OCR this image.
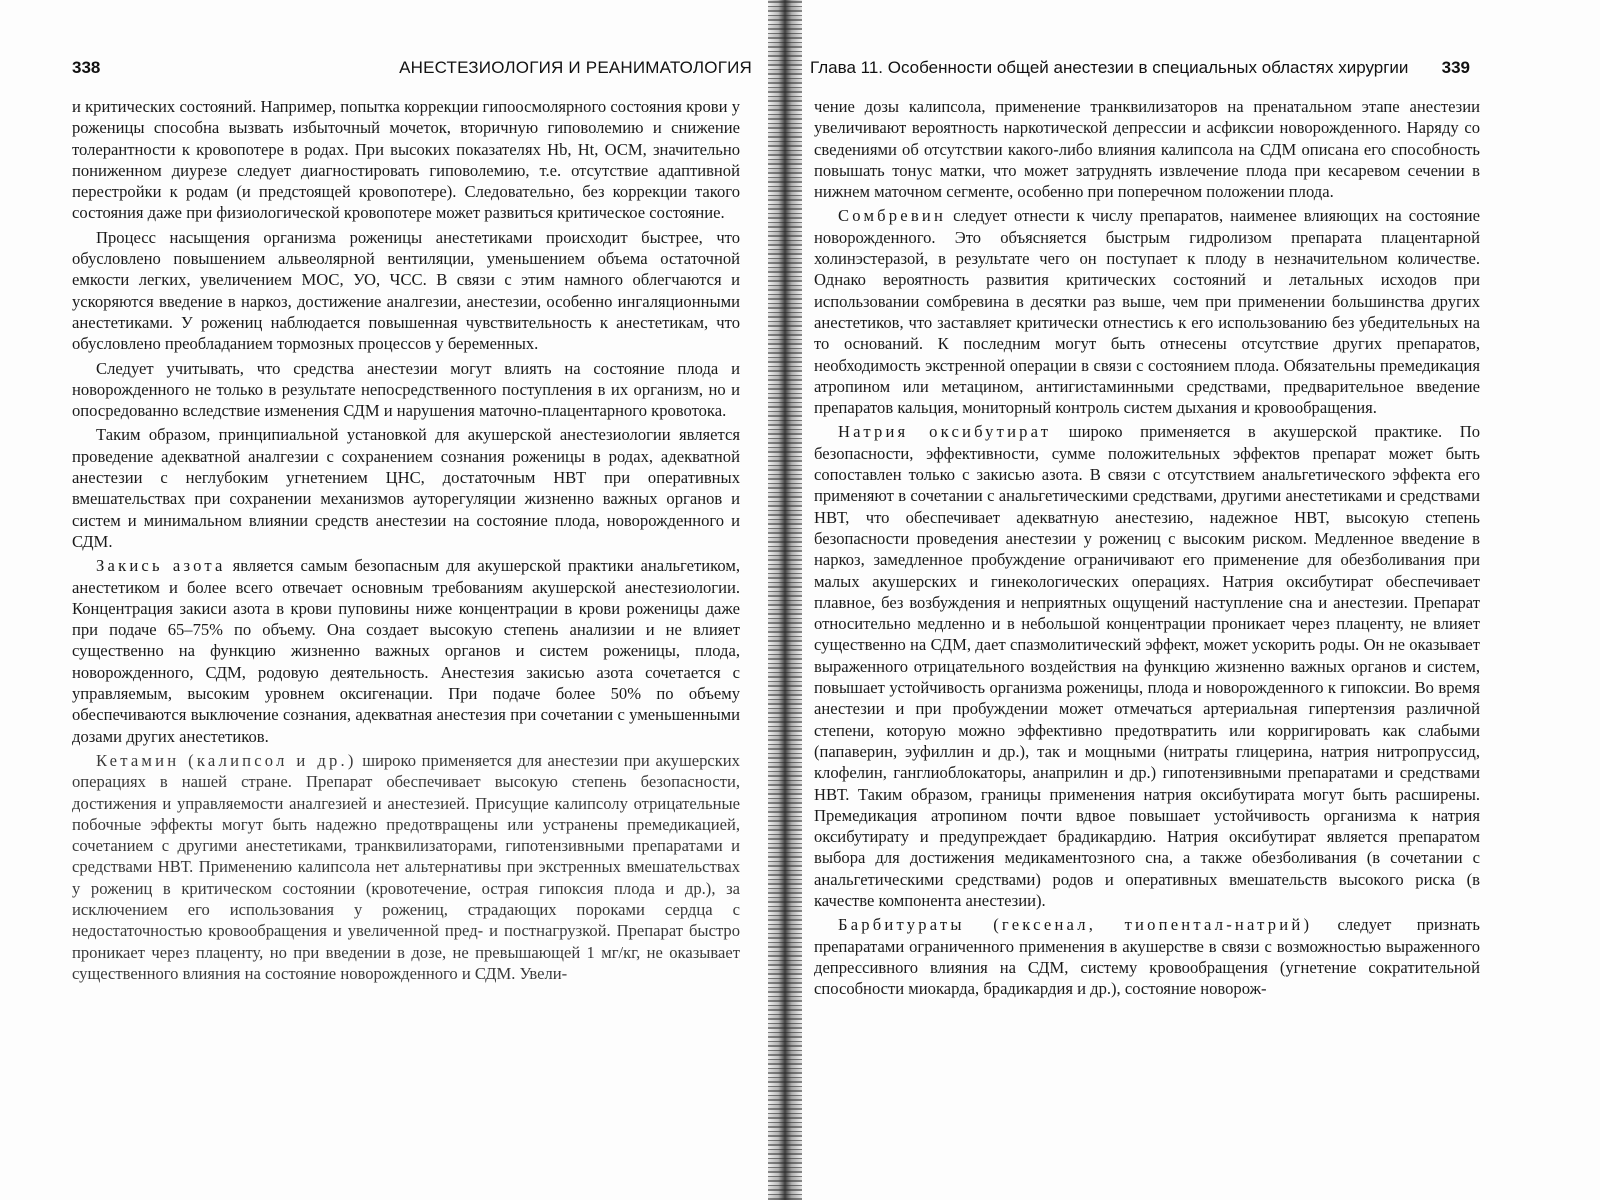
338	АНЕСТЕЗИОЛОГИЯ И РЕАНИМАТОЛОГИЯ

и критических состояний. Например, попытка коррекции гипоосмолярного состояния крови у роженицы способна вызвать избыточный мочеток, вторичную гиповолемию и снижение толерантности к кровопотере в родах. При высоких показателях Hb, Ht, ОСМ, значительно пониженном диурезе следует диагностировать гиповолемию, т.е. отсутствие адаптивной перестройки к родам (и предстоящей кровопотере). Следовательно, без коррекции такого состояния даже при физиологической кровопотере может развиться критическое состояние.

Процесс насыщения организма роженицы анестетиками происходит быстрее, что обусловлено повышением альвеолярной вентиляции, уменьшением объема остаточной емкости легких, увеличением МОС, УО, ЧСС. В связи с этим намного облегчаются и ускоряются введение в наркоз, достижение аналгезии, анестезии, особенно ингаляционными анестетиками. У рожениц наблюдается повышенная чувствительность к анестетикам, что обусловлено преобладанием тормозных процессов у беременных.

Следует учитывать, что средства анестезии могут влиять на состояние плода и новорожденного не только в результате непосредственного поступления в их организм, но и опосредованно вследствие изменения СДМ и нарушения маточно-плацентарного кровотока.

Таким образом, принципиальной установкой для акушерской анестезиологии является проведение адекватной аналгезии с сохранением сознания роженицы в родах, адекватной анестезии с неглубоким угнетением ЦНС, достаточным НВТ при оперативных вмешательствах при сохранении механизмов ауторегуляции жизненно важных органов и систем и минимальном влиянии средств анестезии на состояние плода, новорожденного и СДМ.

Закись азота является самым безопасным для акушерской практики анальгетиком, анестетиком и более всего отвечает основным требованиям акушерской анестезиологии. Концентрация закиси азота в крови пуповины ниже концентрации в крови роженицы даже при подаче 65–75% по объему. Она создает высокую степень анализии и не влияет существенно на функцию жизненно важных органов и систем роженицы, плода, новорожденного, СДМ, родовую деятельность. Анестезия закисью азота сочетается с управляемым, высоким уровнем оксигенации. При подаче более 50% по объему обеспечиваются выключение сознания, адекватная анестезия при сочетании с уменьшенными дозами других анестетиков.

Кетамин (калипсол и др.) широко применяется для анестезии при акушерских операциях в нашей стране. Препарат обеспечивает высокую степень безопасности, достижения и управляемости аналгезией и анестезией. Присущие калипсолу отрицательные побочные эффекты могут быть надежно предотвращены или устранены премедикацией, сочетанием с другими анестетиками, транквилизаторами, гипотензивными препаратами и средствами НВТ. Применению калипсола нет альтернативы при экстренных вмешательствах у рожениц в критическом состоянии (кровотечение, острая гипоксия плода и др.), за исключением его использования у рожениц, страдающих пороками сердца с недостаточностью кровообращения и увеличенной пред- и постнагрузкой. Препарат быстро проникает через плаценту, но при введении в дозе, не превышающей 1 мг/кг, не оказывает существенного влияния на состояние новорожденного и СДМ. Увели-

Глава 11. Особенности общей анестезии в специальных областях хирургии 339

чение дозы калипсола, применение транквилизаторов на пренатальном этапе анестезии увеличивают вероятность наркотической депрессии и асфиксии новорожденного. Наряду со сведениями об отсутствии какого-либо влияния калипсола на СДМ описана его способность повышать тонус матки, что может затруднять извлечение плода при кесаревом сечении в нижнем маточном сегменте, особенно при поперечном положении плода.

Сомбревин следует отнести к числу препаратов, наименее влияющих на состояние новорожденного. Это объясняется быстрым гидролизом препарата плацентарной холинэстеразой, в результате чего он поступает к плоду в незначительном количестве. Однако вероятность развития критических состояний и летальных исходов при использовании сомбревина в десятки раз выше, чем при применении большинства других анестетиков, что заставляет критически отнестись к его использованию без убедительных на то оснований. К последним могут быть отнесены отсутствие других препаратов, необходимость экстренной операции в связи с состоянием плода. Обязательны премедикация атропином или метацином, антигистаминными средствами, предварительное введение препаратов кальция, мониторный контроль систем дыхания и кровообращения.

Натрия оксибутират широко применяется в акушерской практике. По безопасности, эффективности, сумме положительных эффектов препарат может быть сопоставлен только с закисью азота. В связи с отсутствием анальгетического эффекта его применяют в сочетании с анальгетическими средствами, другими анестетиками и средствами НВТ, что обеспечивает адекватную анестезию, надежное НВТ, высокую степень безопасности проведения анестезии у рожениц с высоким риском. Медленное введение в наркоз, замедленное пробуждение ограничивают его применение для обезболивания при малых акушерских и гинекологических операциях. Натрия оксибутират обеспечивает плавное, без возбуждения и неприятных ощущений наступление сна и анестезии. Препарат относительно медленно и в небольшой концентрации проникает через плаценту, не влияет существенно на СДМ, дает спазмолитический эффект, может ускорить роды. Он не оказывает выраженного отрицательного воздействия на функцию жизненно важных органов и систем, повышает устойчивость организма роженицы, плода и новорожденного к гипоксии. Во время анестезии и при пробуждении может отмечаться артериальная гипертензия различной степени, которую можно эффективно предотвратить или корригировать как слабыми (папаверин, эуфиллин и др.), так и мощными (нитраты глицерина, натрия нитропруссид, клофелин, ганглиоблокаторы, анаприлин и др.) гипотензивными препаратами и средствами НВТ. Таким образом, границы применения натрия оксибутирата могут быть расширены. Премедикация атропином почти вдвое повышает устойчивость организма к натрия оксибутирату и предупреждает брадикардию. Натрия оксибутират является препаратом выбора для достижения медикаментозного сна, а также обезболивания (в сочетании с анальгетическими средствами) родов и оперативных вмешательств высокого риска (в качестве компонента анестезии).

Барбитураты (гексенал, тиопентал-натрий) следует признать препаратами ограниченного применения в акушерстве в связи с возможностью выраженного депрессивного влияния на СДМ, систему кровообращения (угнетение сократительной способности миокарда, брадикардия и др.), состояние новорож-
